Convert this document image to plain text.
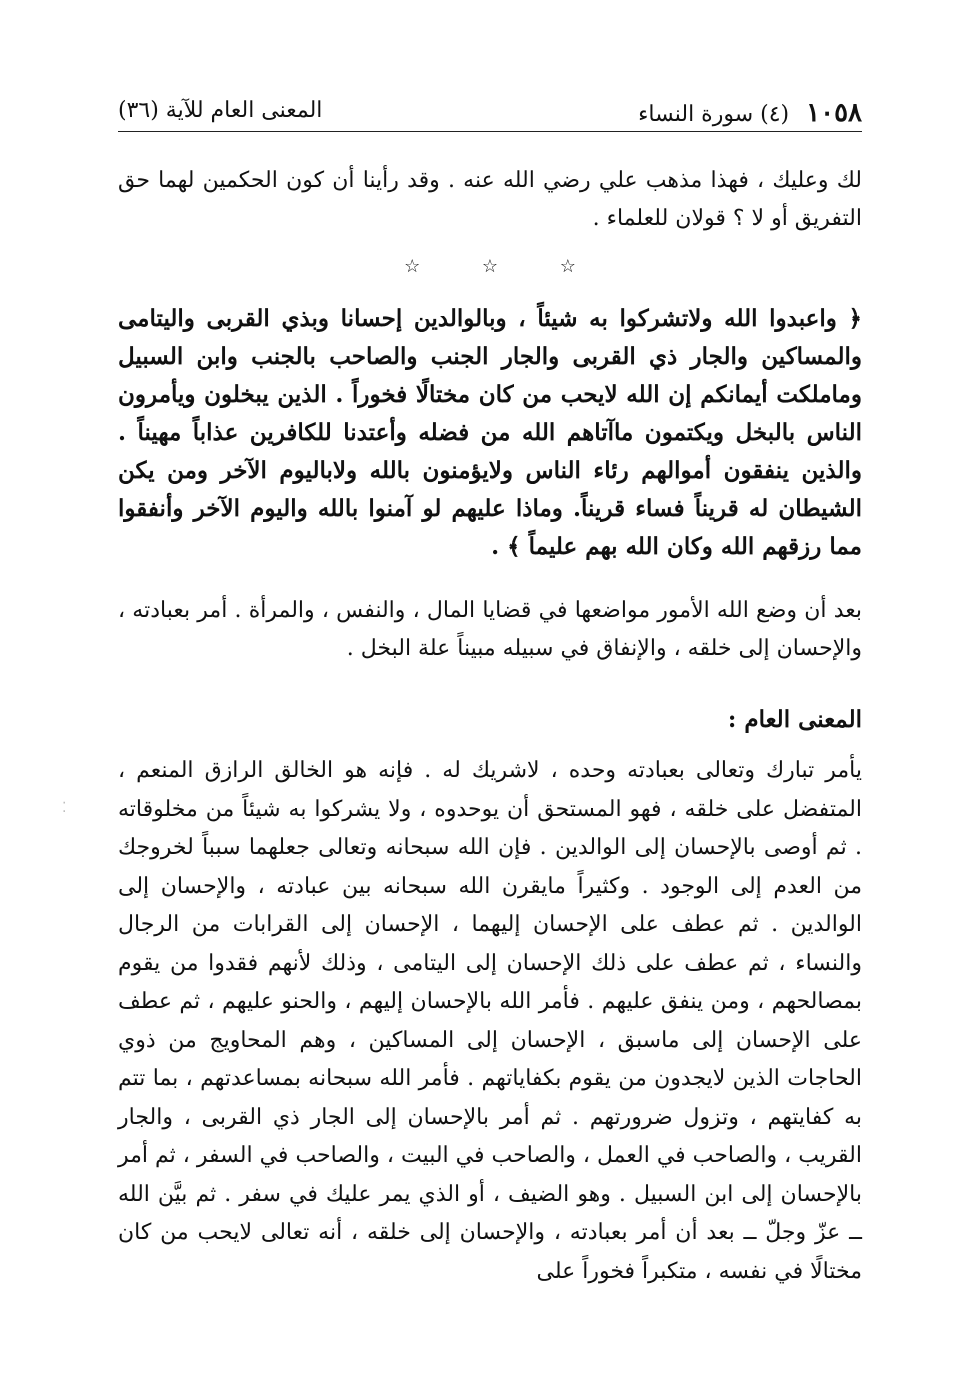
١٠٥٨ (٤) سورة النساء
المعنى العام للآية (٣٦)

لك وعليك ، فهذا مذهب علي رضي الله عنه . وقد رأينا أن كون الحكمين لهما حق التفريق أو لا ؟ قولان للعلماء .

☆ ☆ ☆

﴿ واعبدوا الله ولاتشركوا به شيئاً ، وبالوالدين إحسانا وبذي القربى واليتامى والمساكين والجار ذي القربى والجار الجنب والصاحب بالجنب وابن السبيل وماملكت أيمانكم إن الله لايحب من كان مختالًا فخوراً . الذين يبخلون ويأمرون الناس بالبخل ويكتمون ماآتاهم الله من فضله وأعتدنا للكافرين عذاباً مهيناً . والذين ينفقون أموالهم رئاء الناس ولايؤمنون بالله ولاباليوم الآخر ومن يكن الشيطان له قريناً فساء قريناً. وماذا عليهم لو آمنوا بالله واليوم الآخر وأنفقوا مما رزقهم الله وكان الله بهم عليماً ﴾ .

بعد أن وضع الله الأمور مواضعها في قضايا المال ، والنفس ، والمرأة . أمر بعبادته ، والإحسان إلى خلقه ، والإنفاق في سبيله مبيناً علة البخل .

المعنى العام :

يأمر تبارك وتعالى بعبادته وحده ، لاشريك له . فإنه هو الخالق الرازق المنعم ، المتفضل على خلقه ، فهو المستحق أن يوحدوه ، ولا يشركوا به شيئاً من مخلوقاته . ثم أوصى بالإحسان إلى الوالدين . فإن الله سبحانه وتعالى جعلهما سبباً لخروجك من العدم إلى الوجود . وكثيراً مايقرن الله سبحانه بين عبادته ، والإحسان إلى الوالدين . ثم عطف على الإحسان إليهما ، الإحسان إلى القرابات من الرجال والنساء ، ثم عطف على ذلك الإحسان إلى اليتامى ، وذلك لأنهم فقدوا من يقوم بمصالحهم ، ومن ينفق عليهم . فأمر الله بالإحسان إليهم ، والحنو عليهم ، ثم عطف على الإحسان إلى ماسبق ، الإحسان إلى المساكين ، وهم المحاويج من ذوي الحاجات الذين لايجدون من يقوم بكفاياتهم . فأمر الله سبحانه بمساعدتهم ، بما تتم به كفايتهم ، وتزول ضرورتهم . ثم أمر بالإحسان إلى الجار ذي القربى ، والجار القريب ، والصاحب في العمل ، والصاحب في البيت ، والصاحب في السفر ، ثم أمر بالإحسان إلى ابن السبيل . وهو الضيف ، أو الذي يمر عليك في سفر . ثم بيَّن الله ــ عزّ وجلّ ــ بعد أن أمر بعبادته ، والإحسان إلى خلقه ، أنه تعالى لايحب من كان مختالًا في نفسه ، متكبراً فخوراً على

⁚
